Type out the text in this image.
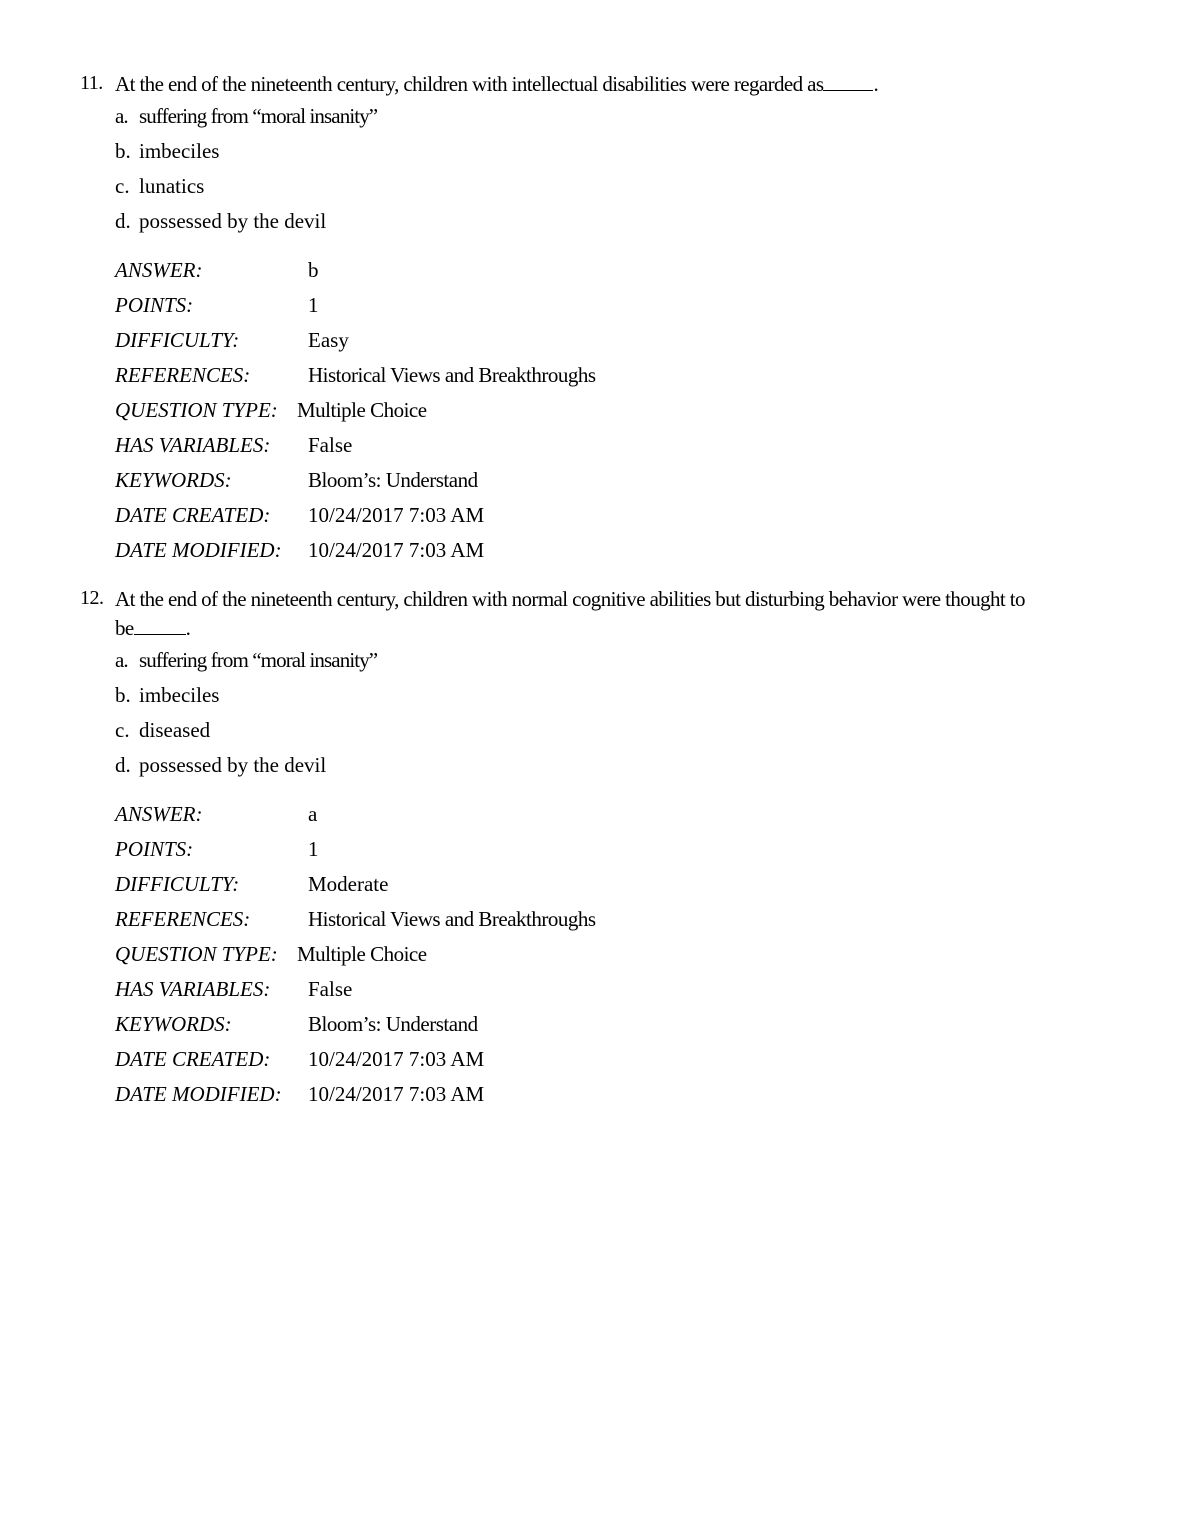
11. At the end of the nineteenth century, children with intellectual disabilities were regarded as .
a. suffering from “moral insanity”
b. imbeciles
c. lunatics
d. possessed by the devil
ANSWER:	b
POINTS:	1
DIFFICULTY:	Easy
REFERENCES:	Historical Views and Breakthroughs
QUESTION TYPE: Multiple Choice
HAS VARIABLES: False
KEYWORDS:	Bloom’s: Understand
DATE CREATED: 10/24/2017 7:03 AM
DATE MODIFIED: 10/24/2017 7:03 AM
12. At the end of the nineteenth century, children with normal cognitive abilities but disturbing behavior were thought to
be .
a. suffering from “moral insanity”
b. imbeciles
c. diseased
d. possessed by the devil
ANSWER:	a
POINTS:	1
DIFFICULTY:	Moderate
REFERENCES:	Historical Views and Breakthroughs
QUESTION TYPE: Multiple Choice
HAS VARIABLES: False
KEYWORDS:	Bloom’s: Understand
DATE CREATED: 10/24/2017 7:03 AM
DATE MODIFIED: 10/24/2017 7:03 AM
